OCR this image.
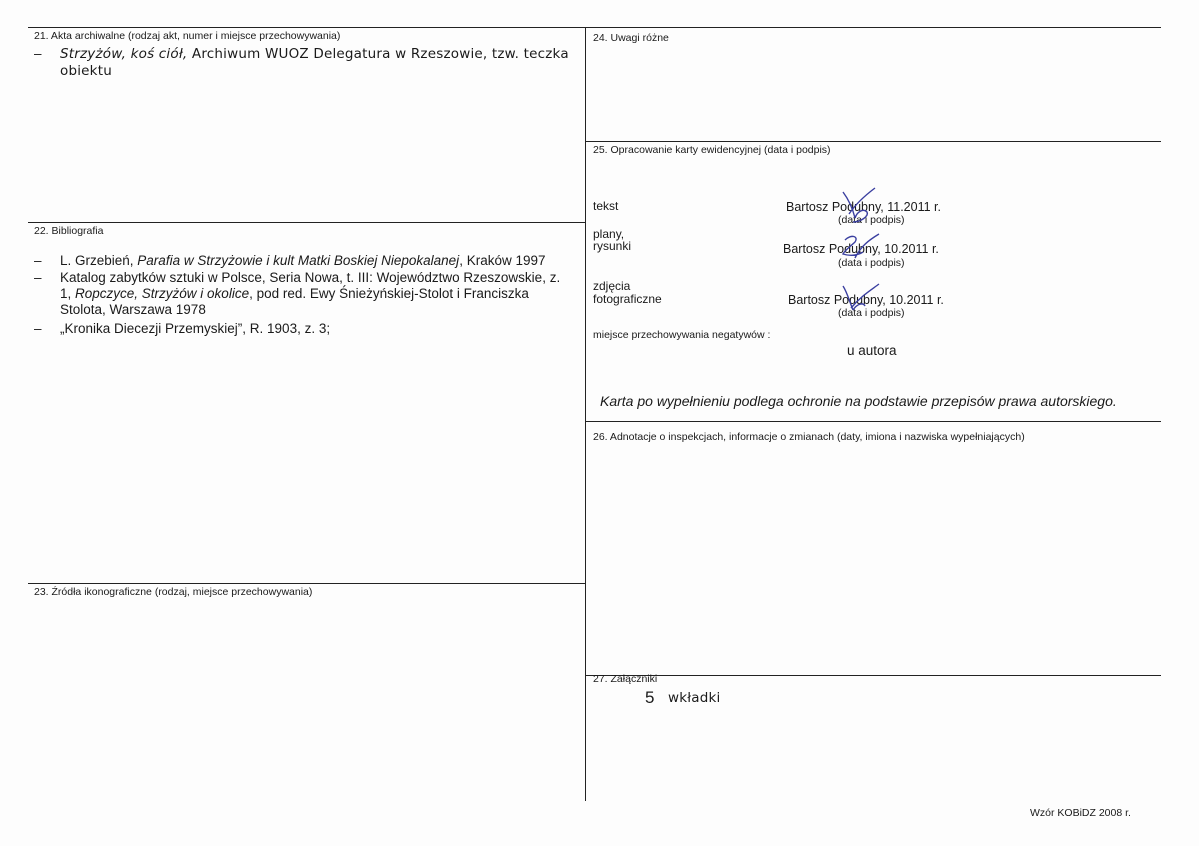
21. Akta archiwalne (rodzaj akt, numer i miejsce przechowywania)
– Strzyżów, koś ciół, Archiwum WUOZ Delegatura w Rzeszowie, tzw. teczka
obiektu
22. Bibliografia
– L. Grzebień, Parafia w Strzyżowie i kult Matki Boskiej Niepokalanej, Kraków 1997
– Katalog zabytków sztuki w Polsce, Seria Nowa, t. III: Województwo Rzeszowskie, z.
1, Ropczyce, Strzyżów i okolice, pod red. Ewy Śnieżyńskiej-Stolot i Franciszka
Stolota, Warszawa 1978
– „Kronika Diecezji Przemyskiej”, R. 1903, z. 3;
23. Źródła ikonograficzne (rodzaj, miejsce przechowywania)
24. Uwagi różne
25. Opracowanie karty ewidencyjnej (data i podpis)
tekst
plany,
rysunki
zdjęcia
fotograficzne
Bartosz Podubny, 11.2011 r.
(data i podpis)
Bartosz Podubny, 10.2011 r.
(data i podpis)
Bartosz Podubny, 10.2011 r.
(data i podpis)
miejsce przechowywania negatywów :
u autora
Karta po wypełnieniu podlega ochronie na podstawie przepisów prawa autorskiego.
26. Adnotacje o inspekcjach, informacje o zmianach (daty, imiona i nazwiska wypełniających)
27. Załączniki
5 wkładki
Wzór KOBiDZ 2008 r.
